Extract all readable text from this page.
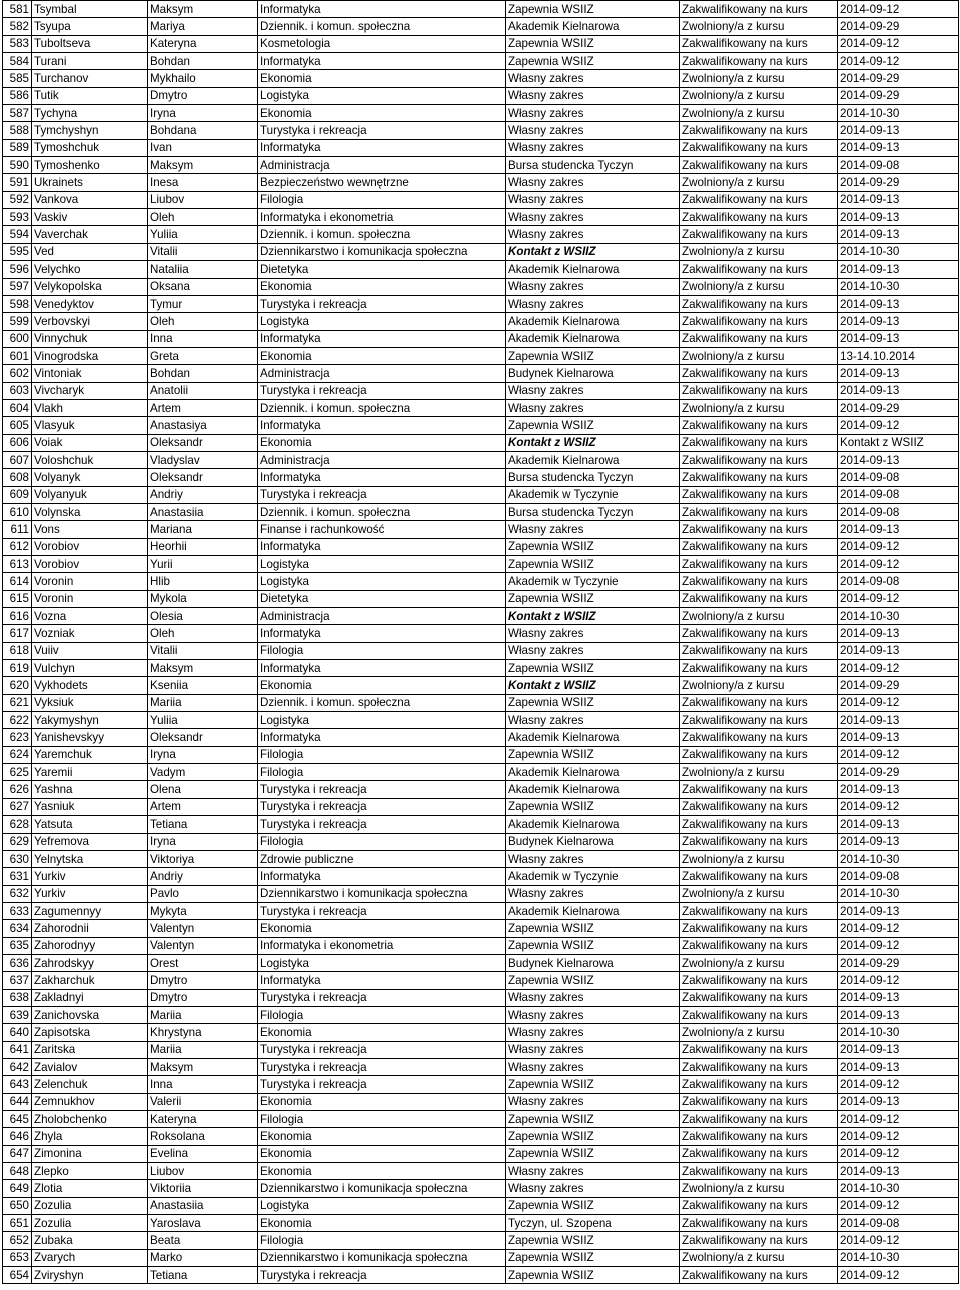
581	Tsymbal	Maksym	Informatyka	Zapewnia WSIIZ	Zakwalifikowany na kurs	2014-09-12
582	Tsyupa	Mariya	Dziennik. i komun. społeczna	Akademik Kielnarowa	Zwolniony/a z kursu	2014-09-29
583	Tuboltseva	Kateryna	Kosmetologia	Zapewnia WSIIZ	Zakwalifikowany na kurs	2014-09-12
584	Turani	Bohdan	Informatyka	Zapewnia WSIIZ	Zakwalifikowany na kurs	2014-09-12
585	Turchanov	Mykhailo	Ekonomia	Własny zakres	Zwolniony/a z kursu	2014-09-29
586	Tutik	Dmytro	Logistyka	Własny zakres	Zwolniony/a z kursu	2014-09-29
587	Tychyna	Iryna	Ekonomia	Własny zakres	Zwolniony/a z kursu	2014-10-30
588	Tymchyshyn	Bohdana	Turystyka i rekreacja	Własny zakres	Zakwalifikowany na kurs	2014-09-13
589	Tymoshchuk	Ivan	Informatyka	Własny zakres	Zakwalifikowany na kurs	2014-09-13
590	Tymoshenko	Maksym	Administracja	Bursa studencka Tyczyn	Zakwalifikowany na kurs	2014-09-08
591	Ukrainets	Inesa	Bezpieczeństwo wewnętrzne	Własny zakres	Zwolniony/a z kursu	2014-09-29
592	Vankova	Liubov	Filologia	Własny zakres	Zakwalifikowany na kurs	2014-09-13
593	Vaskiv	Oleh	Informatyka i ekonometria	Własny zakres	Zakwalifikowany na kurs	2014-09-13
594	Vaverchak	Yuliia	Dziennik. i komun. społeczna	Własny zakres	Zakwalifikowany na kurs	2014-09-13
595	Ved	Vitalii	Dziennikarstwo i komunikacja społeczna	Kontakt z WSIIZ	Zwolniony/a z kursu	2014-10-30
596	Velychko	Nataliia	Dietetyka	Akademik Kielnarowa	Zakwalifikowany na kurs	2014-09-13
597	Velykopolska	Oksana	Ekonomia	Własny zakres	Zwolniony/a z kursu	2014-10-30
598	Venedyktov	Tymur	Turystyka i rekreacja	Własny zakres	Zakwalifikowany na kurs	2014-09-13
599	Verbovskyi	Oleh	Logistyka	Akademik Kielnarowa	Zakwalifikowany na kurs	2014-09-13
600	Vinnychuk	Inna	Informatyka	Akademik Kielnarowa	Zakwalifikowany na kurs	2014-09-13
601	Vinogrodska	Greta	Ekonomia	Zapewnia WSIIZ	Zwolniony/a z kursu	13-14.10.2014
602	Vintoniak	Bohdan	Administracja	Budynek Kielnarowa	Zakwalifikowany na kurs	2014-09-13
603	Vivcharyk	Anatolii	Turystyka i rekreacja	Własny zakres	Zakwalifikowany na kurs	2014-09-13
604	Vlakh	Artem	Dziennik. i komun. społeczna	Własny zakres	Zwolniony/a z kursu	2014-09-29
605	Vlasyuk	Anastasiya	Informatyka	Zapewnia WSIIZ	Zakwalifikowany na kurs	2014-09-12
606	Voiak	Oleksandr	Ekonomia	Kontakt z WSIIZ	Zakwalifikowany na kurs	Kontakt z WSIIZ
607	Voloshchuk	Vladyslav	Administracja	Akademik Kielnarowa	Zakwalifikowany na kurs	2014-09-13
608	Volyanyk	Oleksandr	Informatyka	Bursa studencka Tyczyn	Zakwalifikowany na kurs	2014-09-08
609	Volyanyuk	Andriy	Turystyka i rekreacja	Akademik w Tyczynie	Zakwalifikowany na kurs	2014-09-08
610	Volynska	Anastasiia	Dziennik. i komun. społeczna	Bursa studencka Tyczyn	Zakwalifikowany na kurs	2014-09-08
611	Vons	Mariana	Finanse i rachunkowość	Własny zakres	Zakwalifikowany na kurs	2014-09-13
612	Vorobiov	Heorhii	Informatyka	Zapewnia WSIIZ	Zakwalifikowany na kurs	2014-09-12
613	Vorobiov	Yurii	Logistyka	Zapewnia WSIIZ	Zakwalifikowany na kurs	2014-09-12
614	Voronin	Hlib	Logistyka	Akademik w Tyczynie	Zakwalifikowany na kurs	2014-09-08
615	Voronin	Mykola	Dietetyka	Zapewnia WSIIZ	Zakwalifikowany na kurs	2014-09-12
616	Vozna	Olesia	Administracja	Kontakt z WSIIZ	Zwolniony/a z kursu	2014-10-30
617	Vozniak	Oleh	Informatyka	Własny zakres	Zakwalifikowany na kurs	2014-09-13
618	Vuiiv	Vitalii	Filologia	Własny zakres	Zakwalifikowany na kurs	2014-09-13
619	Vulchyn	Maksym	Informatyka	Zapewnia WSIIZ	Zakwalifikowany na kurs	2014-09-12
620	Vykhodets	Kseniia	Ekonomia	Kontakt z WSIIZ	Zwolniony/a z kursu	2014-09-29
621	Vyksiuk	Mariia	Dziennik. i komun. społeczna	Zapewnia WSIIZ	Zakwalifikowany na kurs	2014-09-12
622	Yakymyshyn	Yuliia	Logistyka	Własny zakres	Zakwalifikowany na kurs	2014-09-13
623	Yanishevskyy	Oleksandr	Informatyka	Akademik Kielnarowa	Zakwalifikowany na kurs	2014-09-13
624	Yaremchuk	Iryna	Filologia	Zapewnia WSIIZ	Zakwalifikowany na kurs	2014-09-12
625	Yaremii	Vadym	Filologia	Akademik Kielnarowa	Zwolniony/a z kursu	2014-09-29
626	Yashna	Olena	Turystyka i rekreacja	Akademik Kielnarowa	Zakwalifikowany na kurs	2014-09-13
627	Yasniuk	Artem	Turystyka i rekreacja	Zapewnia WSIIZ	Zakwalifikowany na kurs	2014-09-12
628	Yatsuta	Tetiana	Turystyka i rekreacja	Akademik Kielnarowa	Zakwalifikowany na kurs	2014-09-13
629	Yefremova	Iryna	Filologia	Budynek Kielnarowa	Zakwalifikowany na kurs	2014-09-13
630	Yelnytska	Viktoriya	Zdrowie publiczne	Własny zakres	Zwolniony/a z kursu	2014-10-30
631	Yurkiv	Andriy	Informatyka	Akademik w Tyczynie	Zakwalifikowany na kurs	2014-09-08
632	Yurkiv	Pavlo	Dziennikarstwo i komunikacja społeczna	Własny zakres	Zwolniony/a z kursu	2014-10-30
633	Zagumennyy	Mykyta	Turystyka i rekreacja	Akademik Kielnarowa	Zakwalifikowany na kurs	2014-09-13
634	Zahorodnii	Valentyn	Ekonomia	Zapewnia WSIIZ	Zakwalifikowany na kurs	2014-09-12
635	Zahorodnyy	Valentyn	Informatyka i ekonometria	Zapewnia WSIIZ	Zakwalifikowany na kurs	2014-09-12
636	Zahrodskyy	Orest	Logistyka	Budynek Kielnarowa	Zwolniony/a z kursu	2014-09-29
637	Zakharchuk	Dmytro	Informatyka	Zapewnia WSIIZ	Zakwalifikowany na kurs	2014-09-12
638	Zakladnyi	Dmytro	Turystyka i rekreacja	Własny zakres	Zakwalifikowany na kurs	2014-09-13
639	Zanichovska	Mariia	Filologia	Własny zakres	Zakwalifikowany na kurs	2014-09-13
640	Zapisotska	Khrystyna	Ekonomia	Własny zakres	Zwolniony/a z kursu	2014-10-30
641	Zaritska	Mariia	Turystyka i rekreacja	Własny zakres	Zakwalifikowany na kurs	2014-09-13
642	Zavialov	Maksym	Turystyka i rekreacja	Własny zakres	Zakwalifikowany na kurs	2014-09-13
643	Zelenchuk	Inna	Turystyka i rekreacja	Zapewnia WSIIZ	Zakwalifikowany na kurs	2014-09-12
644	Zemnukhov	Valerii	Ekonomia	Własny zakres	Zakwalifikowany na kurs	2014-09-13
645	Zholobchenko	Kateryna	Filologia	Zapewnia WSIIZ	Zakwalifikowany na kurs	2014-09-12
646	Zhyla	Roksolana	Ekonomia	Zapewnia WSIIZ	Zakwalifikowany na kurs	2014-09-12
647	Zimonina	Evelina	Ekonomia	Zapewnia WSIIZ	Zakwalifikowany na kurs	2014-09-12
648	Zlepko	Liubov	Ekonomia	Własny zakres	Zakwalifikowany na kurs	2014-09-13
649	Zlotia	Viktoriia	Dziennikarstwo i komunikacja społeczna	Własny zakres	Zwolniony/a z kursu	2014-10-30
650	Zozulia	Anastasiia	Logistyka	Zapewnia WSIIZ	Zakwalifikowany na kurs	2014-09-12
651	Zozulia	Yaroslava	Ekonomia	Tyczyn, ul. Szopena	Zakwalifikowany na kurs	2014-09-08
652	Zubaka	Beata	Filologia	Zapewnia WSIIZ	Zakwalifikowany na kurs	2014-09-12
653	Zvarych	Marko	Dziennikarstwo i komunikacja społeczna	Zapewnia WSIIZ	Zwolniony/a z kursu	2014-10-30
654	Zviryshyn	Tetiana	Turystyka i rekreacja	Zapewnia WSIIZ	Zakwalifikowany na kurs	2014-09-12
